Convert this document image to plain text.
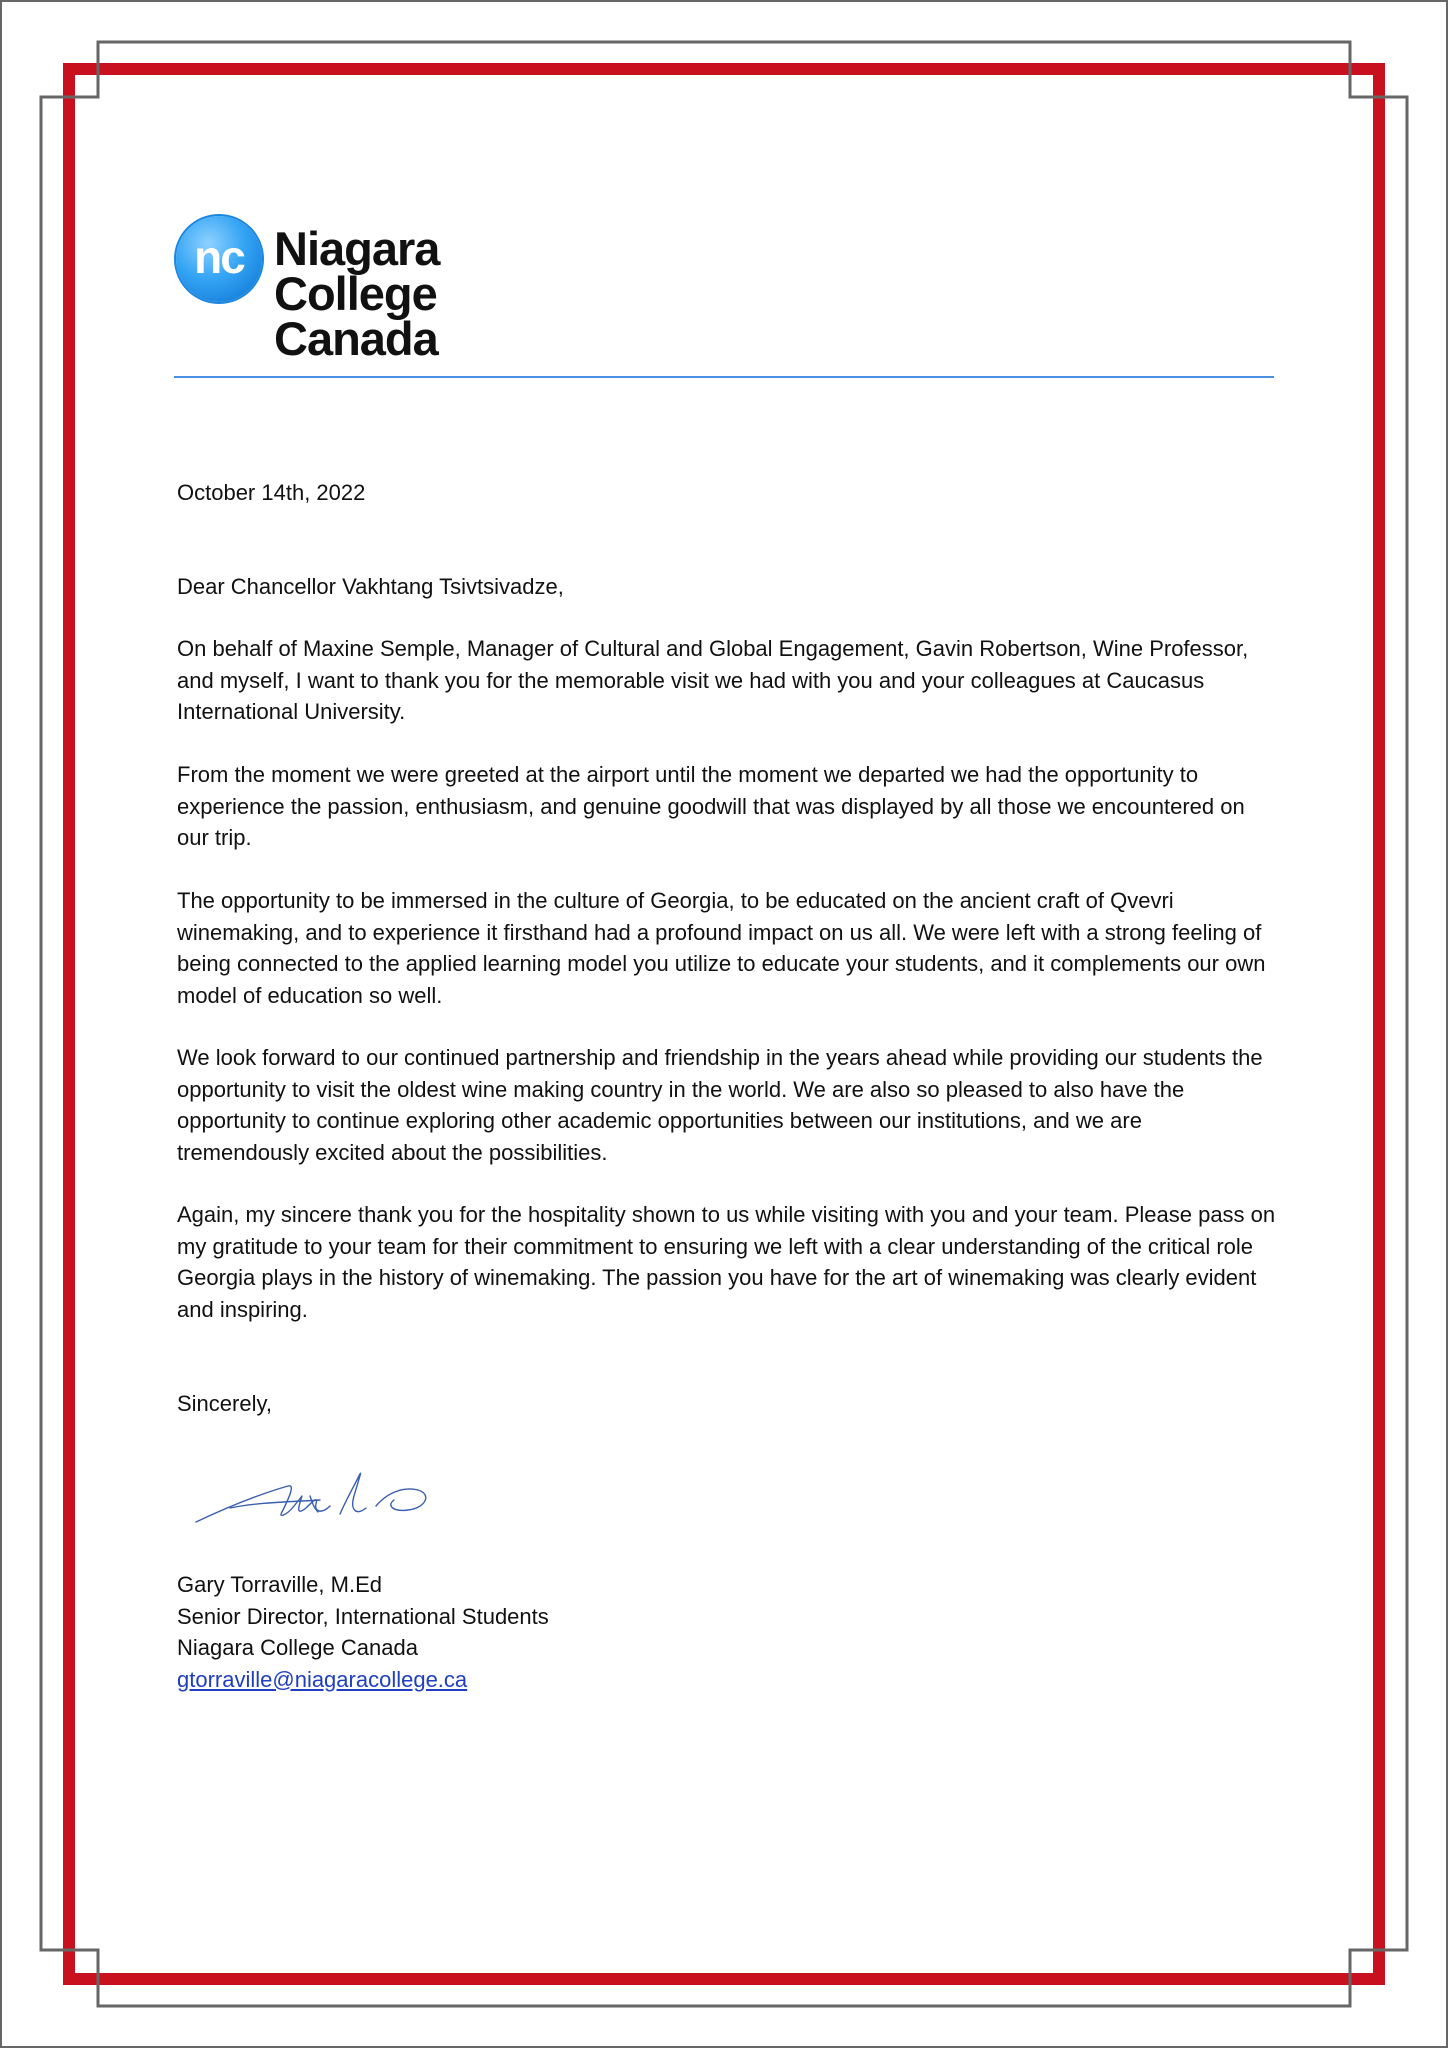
nc Niagara
College
Canada

October 14th, 2022

Dear Chancellor Vakhtang Tsivtsivadze,

On behalf of Maxine Semple, Manager of Cultural and Global Engagement, Gavin Robertson, Wine Professor, and myself, I want to thank you for the memorable visit we had with you and your colleagues at Caucasus International University.

From the moment we were greeted at the airport until the moment we departed we had the opportunity to experience the passion, enthusiasm, and genuine goodwill that was displayed by all those we encountered on our trip.

The opportunity to be immersed in the culture of Georgia, to be educated on the ancient craft of Qvevri winemaking, and to experience it firsthand had a profound impact on us all. We were left with a strong feeling of being connected to the applied learning model you utilize to educate your students, and it complements our own model of education so well.

We look forward to our continued partnership and friendship in the years ahead while providing our students the opportunity to visit the oldest wine making country in the world. We are also so pleased to also have the opportunity to continue exploring other academic opportunities between our institutions, and we are tremendously excited about the possibilities.

Again, my sincere thank you for the hospitality shown to us while visiting with you and your team. Please pass on my gratitude to your team for their commitment to ensuring we left with a clear understanding of the critical role Georgia plays in the history of winemaking. The passion you have for the art of winemaking was clearly evident and inspiring.

Sincerely,

Gary Torraville, M.Ed
Senior Director, International Students
Niagara College Canada
gtorraville@niagaracollege.ca
